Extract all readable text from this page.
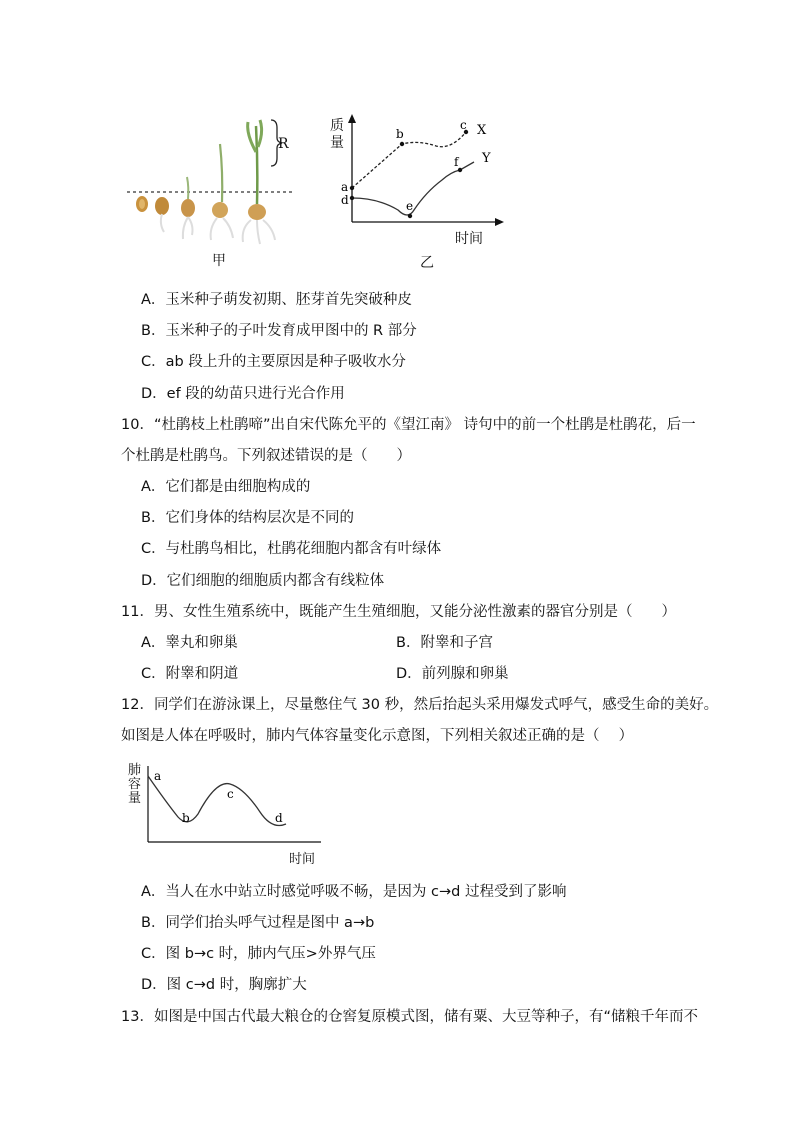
R
甲
a
b
c
d	e
f
X
Y
质
量
时间
乙
A．玉米种子萌发初期、胚芽首先突破种皮
B．玉米种子的子叶发育成甲图中的 R 部分
C．ab 段上升的主要原因是种子吸收水分
D．ef 段的幼苗只进行光合作用
10．“杜鹃枝上杜鹃啼”出自宋代陈允平的《望江南》 诗句中的前一个杜鹃是杜鹃花，后一
个杜鹃是杜鹃鸟。下列叙述错误的是（　　）
A．它们都是由细胞构成的
B．它们身体的结构层次是不同的
C．与杜鹃鸟相比，杜鹃花细胞内都含有叶绿体
D．它们细胞的细胞质内都含有线粒体
11．男、女性生殖系统中，既能产生生殖细胞，又能分泌性激素的器官分别是（　　）
A．睾丸和卵巢	B．附睾和子宫
C．附睾和阴道	D．前列腺和卵巢
12．同学们在游泳课上，尽量憋住气 30 秒，然后抬起头采用爆发式呼气，感受生命的美好。
如图是人体在呼吸时，肺内气体容量变化示意图，下列相关叙述正确的是（　 ）
a
b
c
d
肺容量
时间
A．当人在水中站立时感觉呼吸不畅，是因为 c→d 过程受到了影响
B．同学们抬头呼气过程是图中 a→b
C．图 b→c 时，肺内气压>外界气压
D．图 c→d 时，胸廓扩大
13．如图是中国古代最大粮仓的仓窖复原模式图，储有粟、大豆等种子，有“储粮千年而不
